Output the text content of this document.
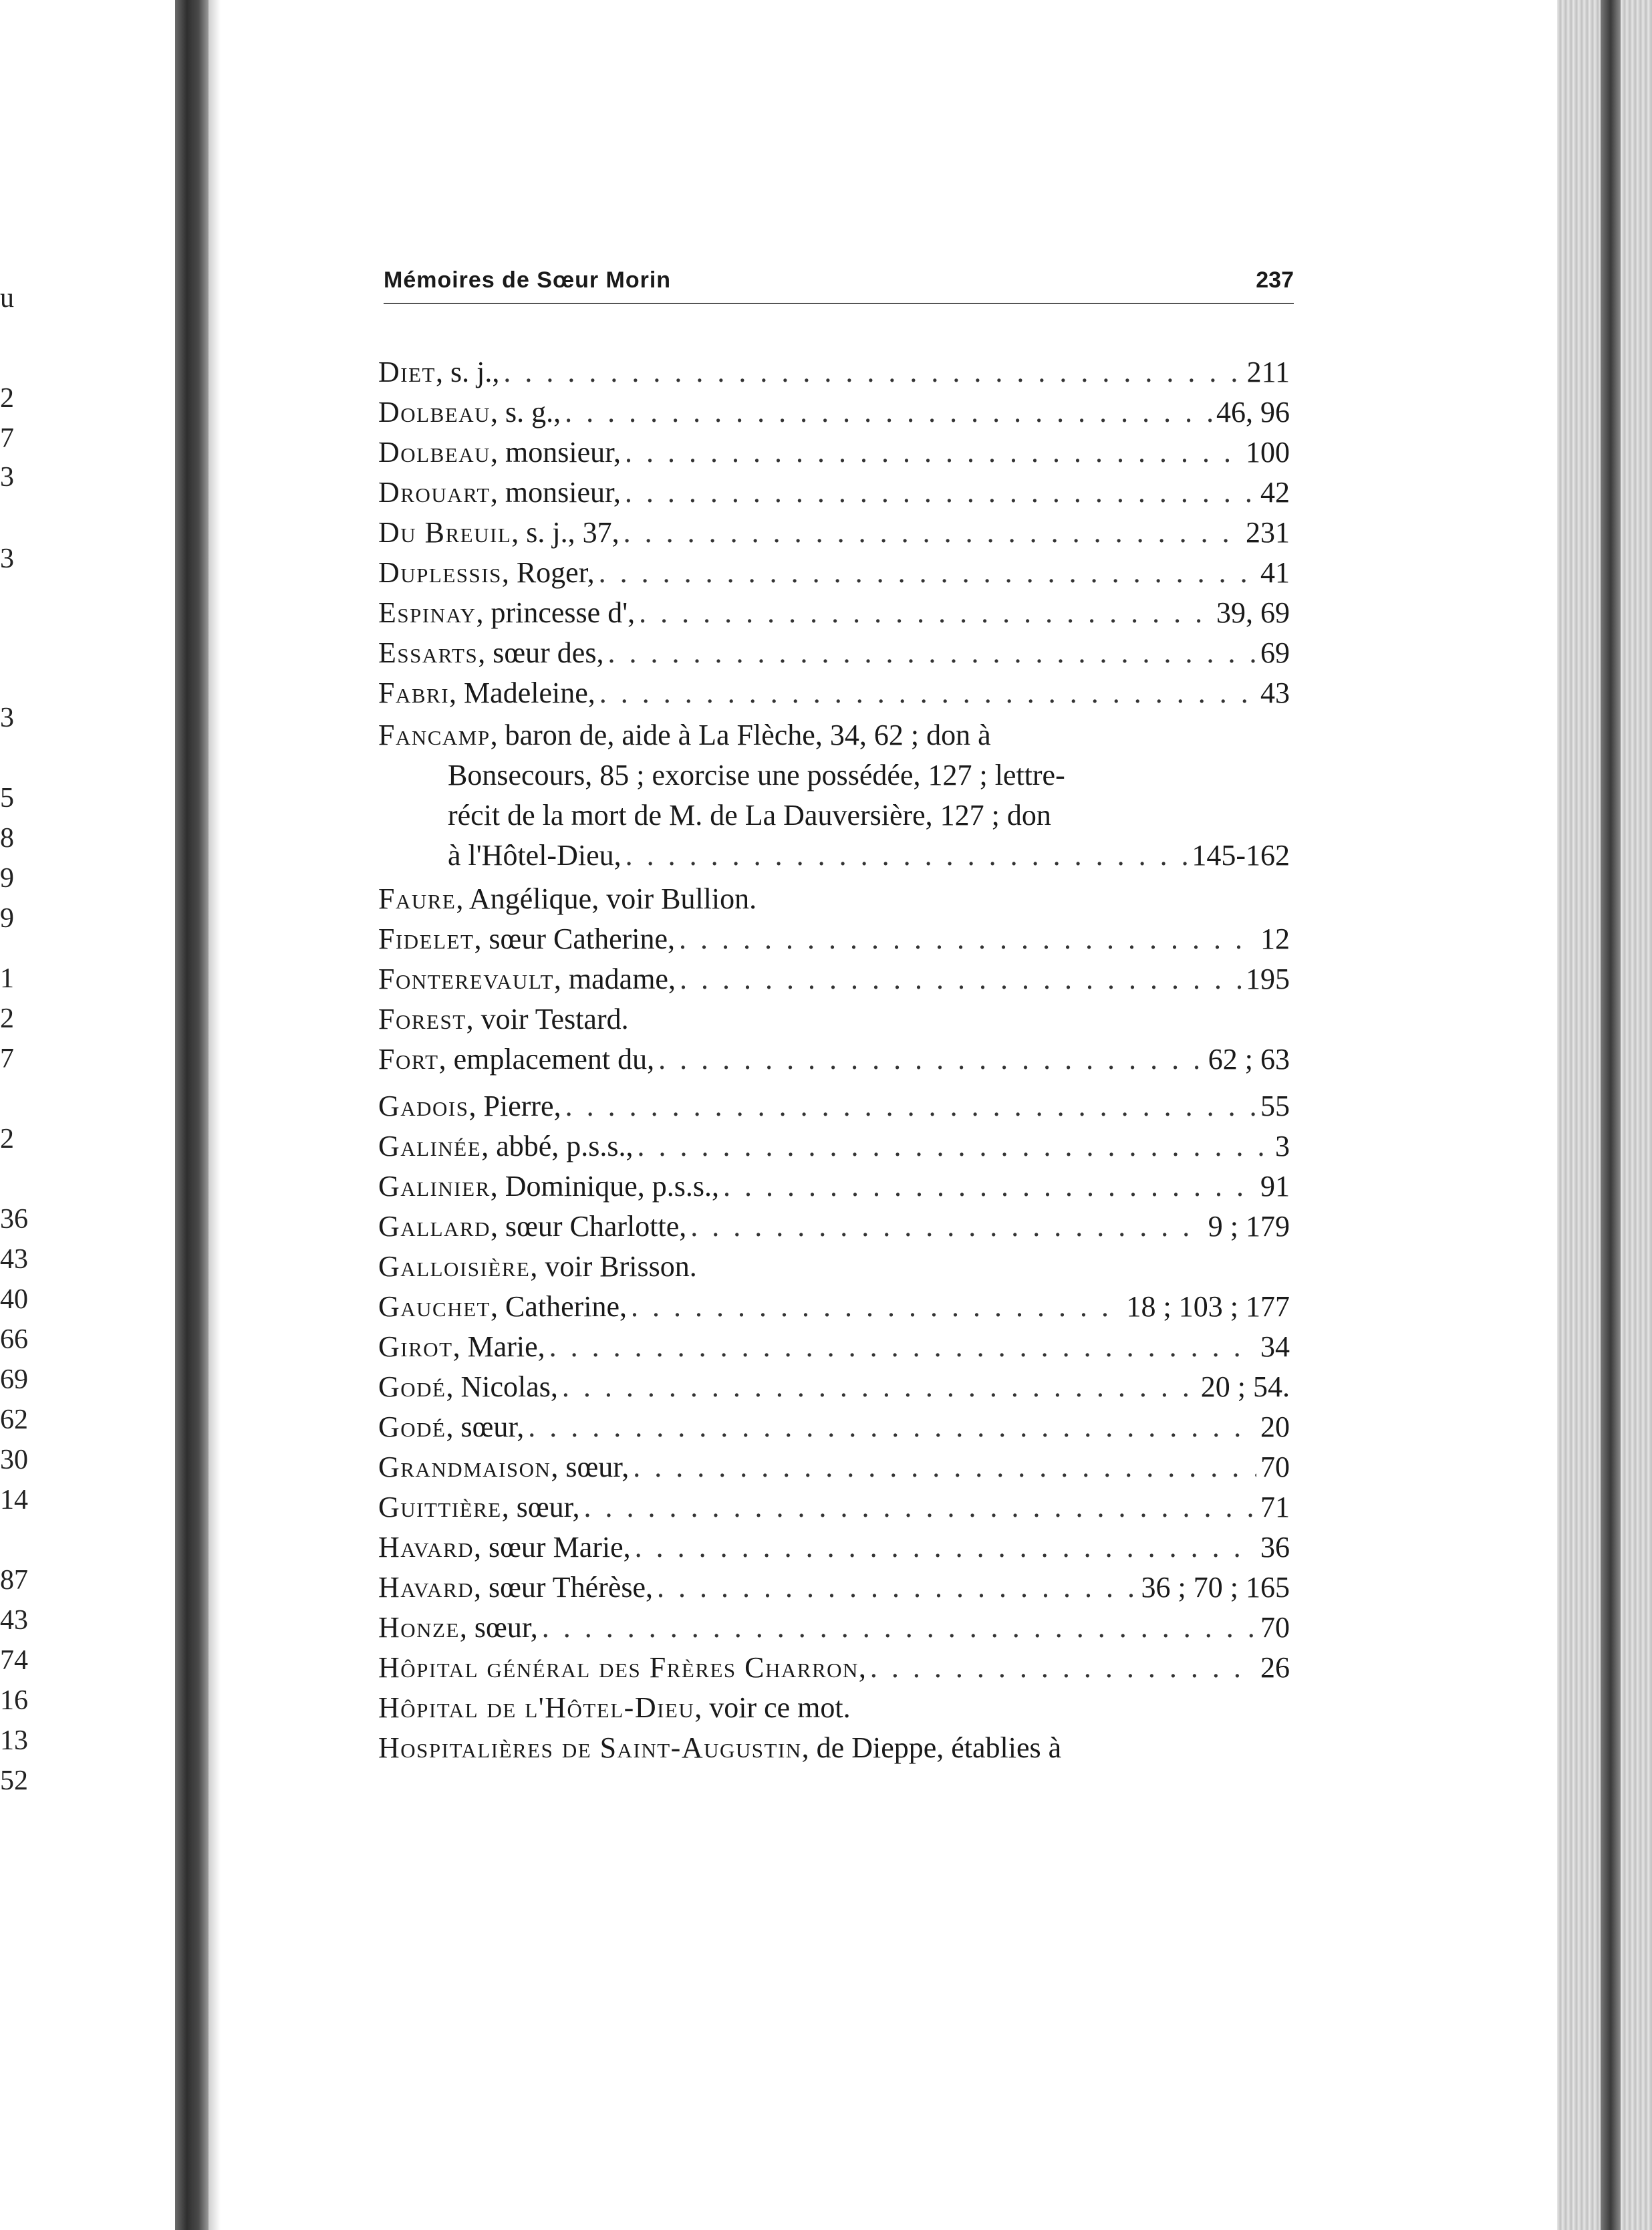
u
2
7
3
3
3
5
8
9
9
1
2
7
2
36
43
40
66
69
62
30
14
87
43
74
16
13
52
Mémoires de Sœur Morin	237
Diet , s. j., . . .	211
Dolbeau , s. g., . . .	46, 96
Dolbeau , monsieur, . . .	100
Drouart , monsieur, . . .	42
Du Breuil , s. j., 37, . . .	231
Duplessis , Roger, . . .	41
Espinay , princesse d', . . .	39, 69
Essarts , sœur des, . . .	69
Fabri , Madeleine, . . .	43
Fancamp , baron de, aide à La Flèche, 34, 62 ; don à
Bonsecours, 85 ; exorcise une possédée, 127 ; lettre-
récit de la mort de M. de La Dauversière, 127 ; don
à l'Hôtel-Dieu, . . .	145-162
Faure , Angélique, voir Bullion.
Fidelet , sœur Catherine, . . .	12
Fonterevault , madame, . . .	195
Forest , voir Testard.
Fort , emplacement du, . . .	62 ; 63
Gadois , Pierre, . . .	55
Galinée , abbé, p.s.s., . . .	3
Galinier , Dominique, p.s.s., . . .	91
Gallard , sœur Charlotte, . . .	9 ; 179
Galloisière , voir Brisson.
Gauchet , Catherine, . . .	18 ; 103 ; 177
Girot , Marie, . . .	34
Godé , Nicolas, . . .	20 ; 54.
Godé , sœur, . . .	20
Grandmaison , sœur, . . .	70
Guittière , sœur, . . .	71
Havard , sœur Marie, . . .	36
Havard , sœur Thérèse, . . .	36 ; 70 ; 165
Honze , sœur, . . .	70
Hôpital général des Frères Charron , . . .	26
Hôpital de l'Hôtel-Dieu , voir ce mot.
Hospitalières de Saint-Augustin , de Dieppe, établies à
